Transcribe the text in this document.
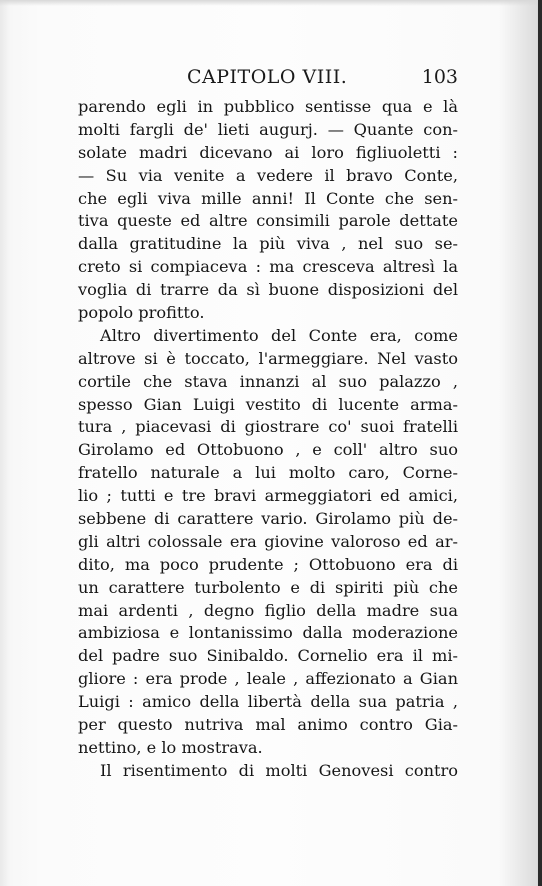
CAPITOLO VIII.	103
parendo egli in pubblico sentisse qua e là
molti fargli de' lieti augurj. — Quante con-
solate madri dicevano ai loro figliuoletti :
— Su via venite a vedere il bravo Conte,
che egli viva mille anni! Il Conte che sen-
tiva queste ed altre consimili parole dettate
dalla gratitudine la più viva , nel suo se-
creto si compiaceva : ma cresceva altresì la
voglia di trarre da sì buone disposizioni del
popolo profitto.
Altro divertimento del Conte era, come
altrove si è toccato, l'armeggiare. Nel vasto
cortile che stava innanzi al suo palazzo ,
spesso Gian Luigi vestito di lucente arma-
tura , piacevasi di giostrare co' suoi fratelli
Girolamo ed Ottobuono , e coll' altro suo
fratello naturale a lui molto caro, Corne-
lio ; tutti e tre bravi armeggiatori ed amici,
sebbene di carattere vario. Girolamo più de-
gli altri colossale era giovine valoroso ed ar-
dito, ma poco prudente ; Ottobuono era di
un carattere turbolento e di spiriti più che
mai ardenti , degno figlio della madre sua
ambiziosa e lontanissimo dalla moderazione
del padre suo Sinibaldo. Cornelio era il mi-
gliore : era prode , leale , affezionato a Gian
Luigi : amico della libertà della sua patria ,
per questo nutriva mal animo contro Gia-
nettino, e lo mostrava.
Il risentimento di molti Genovesi contro
